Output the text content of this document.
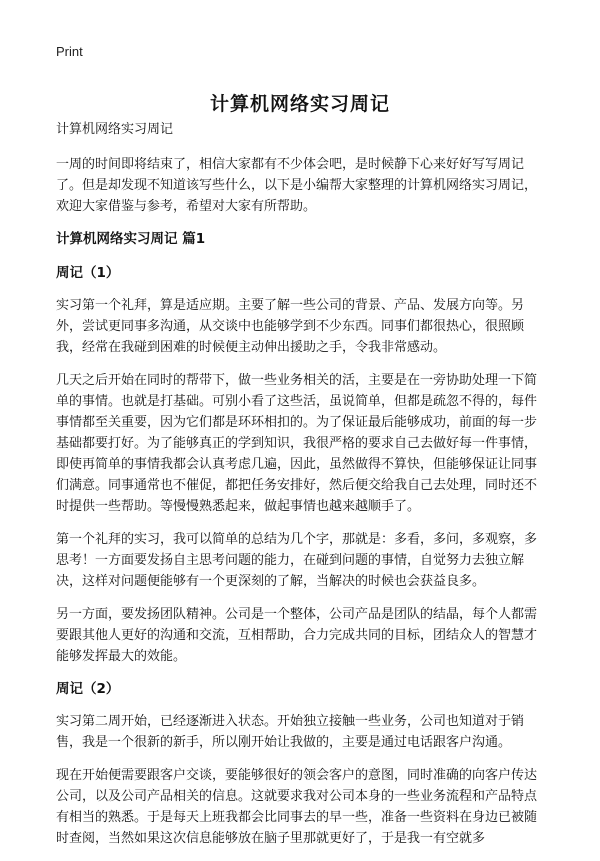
Print
计算机网络实习周记

计算机网络实习周记

一周的时间即将结束了，相信大家都有不少体会吧，是时候静下心来好好写写周记了。但是却发现不知道该写些什么，以下是小编帮大家整理的计算机网络实习周记，欢迎大家借鉴与参考，希望对大家有所帮助。

计算机网络实习周记 篇1
周记（1）

实习第一个礼拜，算是适应期。主要了解一些公司的背景、产品、发展方向等。另外，尝试更同事多沟通，从交谈中也能够学到不少东西。同事们都很热心，很照顾我，经常在我碰到困难的时候便主动伸出援助之手，令我非常感动。

几天之后开始在同时的帮带下，做一些业务相关的活，主要是在一旁协助处理一下简单的事情。也就是打基础。可别小看了这些活，虽说简单，但都是疏忽不得的，每件事情都至关重要，因为它们都是环环相扣的。为了保证最后能够成功，前面的每一步基础都要打好。为了能够真正的学到知识，我很严格的要求自己去做好每一件事情，即使再简单的事情我都会认真考虑几遍，因此，虽然做得不算快，但能够保证让同事们满意。同事通常也不催促，都把任务安排好，然后便交给我自己去处理，同时还不时提供一些帮助。等慢慢熟悉起来，做起事情也越来越顺手了。

第一个礼拜的实习，我可以简单的总结为几个字，那就是：多看，多问，多观察，多思考！一方面要发扬自主思考问题的能力，在碰到问题的事情，自觉努力去独立解决，这样对问题便能够有一个更深刻的了解，当解决的时候也会获益良多。

另一方面，要发扬团队精神。公司是一个整体，公司产品是团队的结晶，每个人都需要跟其他人更好的沟通和交流，互相帮助，合力完成共同的目标，团结众人的智慧才能够发挥最大的效能。

周记（2）

实习第二周开始，已经逐渐进入状态。开始独立接触一些业务，公司也知道对于销售，我是一个很新的新手，所以刚开始让我做的，主要是通过电话跟客户沟通。

现在开始便需要跟客户交谈，要能够很好的领会客户的意图，同时准确的向客户传达公司，以及公司产品相关的信息。这就要求我对公司本身的一些业务流程和产品特点有相当的熟悉。于是每天上班我都会比同事去的早一些，准备一些资料在身边已被随时查阅，当然如果这次信息能够放在脑子里那就更好了，于是我一有空就多
